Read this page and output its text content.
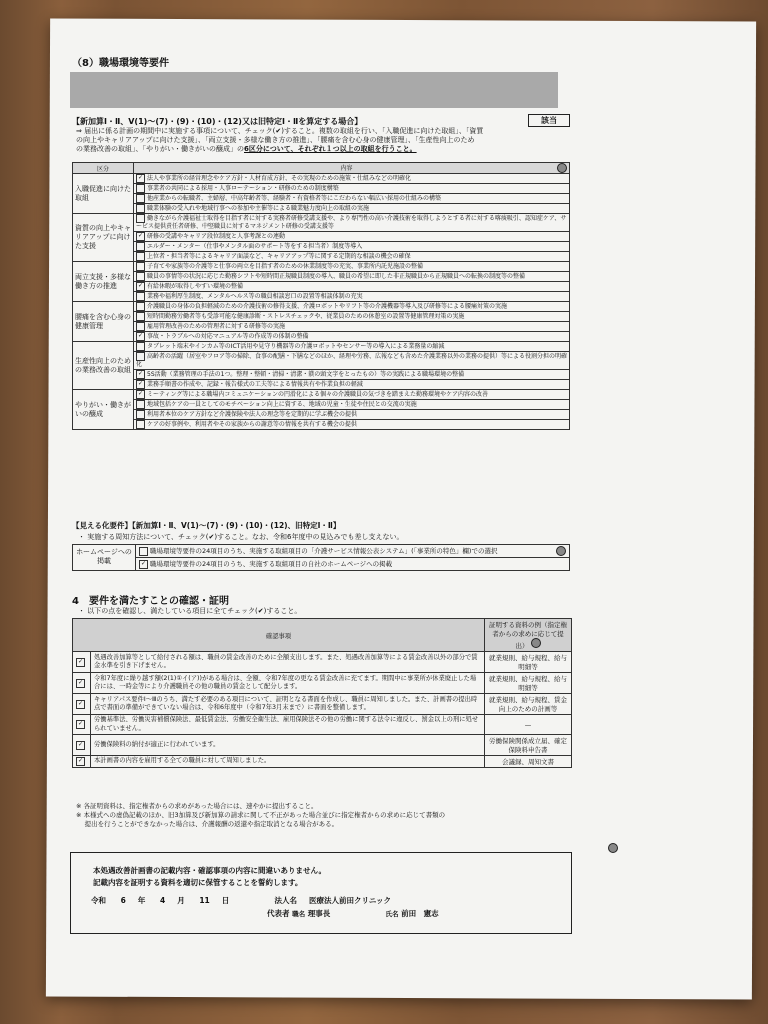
（8）職場環境等要件
【新加算Ⅰ・Ⅱ、Ⅴ(1)〜(7)・(9)・(10)・(12)又は旧特定Ⅰ・Ⅱを算定する場合】	該当
⇒ 届出に係る計画の期間中に実施する事項について、チェック(✔)すること。複数の取組を行い、「入職促進に向けた取組」、「資質
の向上やキャリアアップに向けた支援」、「両立支援・多様な働き方の推進」、「腰痛を含む心身の健康管理」、「生産性向上のため
の業務改善の取組」、「やりがい・働きがいの醸成」の6区分について、それぞれ１つ以上の取組を行うこと。
区分	内容

入職促進に向けた取組	✓ 法人や事業所の経営理念やケア方針・人材育成方針、その実現のための施策・仕組みなどの明確化

	事業者の共同による採用・人事ローテーション・研修のための制度構築

	他産業からの転職者、主婦層、中高年齢者等、経験者・有資格者等にこだわらない幅広い採用の仕組みの構築

	職業体験の受入れや地域行事への参加や主催等による職業魅力度向上の取組の実施

資質の向上やキャリアアップに向けた支援	働きながら介護福祉士取得を目指す者に対する実務者研修受講支援や、より専門性の高い介護技術を取得しようとする者に対する喀痰吸引、認知症ケア、サービス提供責任者研修、中堅職員に対するマネジメント研修の受講支援等

	✓ 研修の受講やキャリア段位制度と人事考課との連動

	エルダー・メンター（仕事やメンタル面のサポート等をする担当者）制度等導入

	上位者・担当者等によるキャリア面談など、キャリアアップ等に関する定期的な相談の機会の確保

両立支援・多様な働き方の推進	子育てや家族等の介護等と仕事の両立を目指す者のための休業制度等の充実、事業所内託児施設の整備

	職員の事情等の状況に応じた勤務シフトや短時間正規職員制度の導入、職員の希望に即した非正規職員から正規職員への転換の制度等の整備

	✓ 有給休暇が取得しやすい環境の整備

	業務や福利厚生制度、メンタルヘルス等の職員相談窓口の設置等相談体制の充実

腰痛を含む心身の健康管理	介護職員の身体の負担軽減のための介護技術の修得支援、介護ロボットやリフト等の介護機器等導入及び研修等による腰痛対策の実施

	短時間勤務労働者等も受診可能な健康診断・ストレスチェックや、従業員のための休憩室の設置等健康管理対策の実施

	雇用管理改善のための管理者に対する研修等の実施

	✓ 事故・トラブルへの対応マニュアル等の作成等の体制の整備

生産性向上のための業務改善の取組	タブレット端末やインカム等のICT活用や見守り機器等の介護ロボットやセンサー等の導入による業務量の縮減

	高齢者の活躍（居室やフロア等の掃除、食事の配膳・下膳などのほか、経理や労務、広報なども含めた介護業務以外の業務の提供）等による役割分担の明確化

	✓ 5S活動（業務管理の手法の1つ。整理・整頓・清掃・清潔・躾の頭文字をとったもの）等の実践による職場環境の整備

	✓ 業務手順書の作成や、記録・報告様式の工夫等による情報共有や作業負担の軽減

やりがい・働きがいの醸成	✓ ミーティング等による職場内コミュニケーションの円滑化による個々の介護職員の気づきを踏まえた勤務環境やケア内容の改善

	地域包括ケアの一員としてのモチベーション向上に資する、地域の児童・生徒や住民との交流の実施

	利用者本位のケア方針など介護保険や法人の理念等を定期的に学ぶ機会の提供

	ケアの好事例や、利用者やその家族からの謝意等の情報を共有する機会の提供
【見える化要件】【新加算Ⅰ・Ⅱ、Ⅴ(1)〜(7)・(9)・(10)・(12)、旧特定Ⅰ・Ⅱ】
・ 実施する周知方法について、チェック(✔)すること。なお、令和6年度中の見込みでも差し支えない。
ホームページへの掲載	職場環境等要件の24項目のうち、実施する取組項目の「介護サービス情報公表システム」(「事業所の特色」欄)での選択

✓ 職場環境等要件の24項目のうち、実施する取組項目の自社のホームページへの掲載
4　要件を満たすことの確認・証明
・ 以下の点を確認し、満たしている項目に全てチェック(✔)すること。
確認事項		証明する資料の例（指定権者からの求めに応じて提出）
✓	処遇改善加算等として給付される額は、職員の賃金改善のために全額支出します。また、処遇改善加算等による賃金改善以外の部分で賃金水準を引き下げません。	就業規則、給与規程、給与明細等
✓	令和7年度に繰り越す額(2(1)①イ(ア))がある場合は、全額、令和7年度の更なる賃金改善に充てます。期間中に事業所が休業廃止した場合には、一時金等により介護職員その他の職員の賃金として配分します。	就業規則、給与規程、給与明細等
✓	キャリアパス要件Ⅰ〜Ⅲのうち、満たす必要のある項目について、証明となる書面を作成し、職員に周知しました。また、計画書の提出時点で書面の準備ができていない場合は、令和6年度中（令和7年3月末まで）に書面を整備します。	就業規則、給与規程、賃金向上のための計画等
✓	労働基準法、労働災害補償保険法、最低賃金法、労働安全衛生法、雇用保険法その他の労働に関する法令に違反し、罰金以上の刑に処せられていません。	—
✓	労働保険料の納付が適正に行われています。	労働保険関係成立届、確定保険料申告書
✓	本計画書の内容を雇用する全ての職員に対して周知しました。	会議録、周知文書
※ 各証明資料は、指定権者からの求めがあった場合には、速やかに提出すること。
※ 本様式への虚偽記載のほか、旧3加算及び新加算の請求に関して不正があった場合並びに指定権者からの求めに応じて書類の
　 提出を行うことができなかった場合は、介護報酬の返還や指定取消となる場合がある。
本処遇改善計画書の記載内容・確認事項の内容に間違いありません。
記載内容を証明する資料を適切に保管することを誓約します。
令和 6 年 4 月 11 日	法人名 医療法人前田クリニック
代表者 職名 理事長	氏名 前田　憲志
